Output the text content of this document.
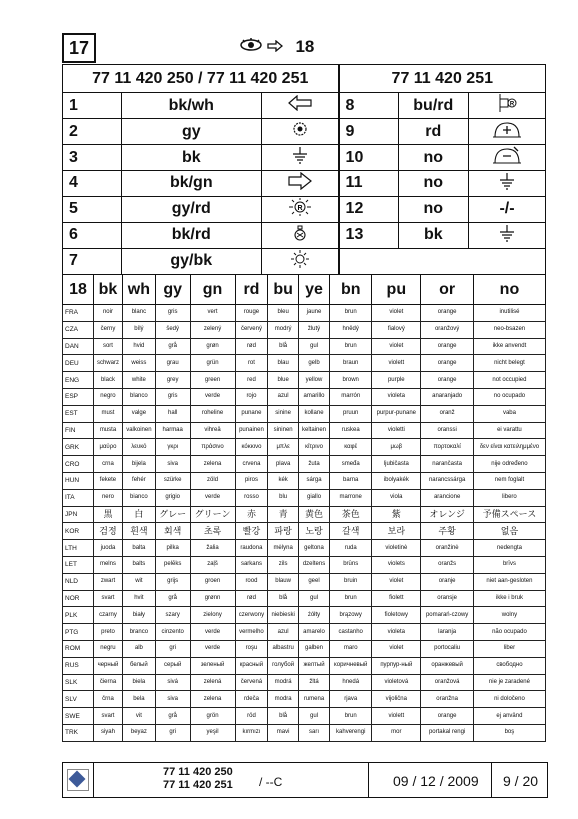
17	18
77 11 420 250 / 77 11 420 251			77 11 420 251		
1	bk/wh		8	bu/rd	R

2	gy		9	rd	
3	bk		10	no	
4	bk/gn		11	no	
5	gy/rd	R	12	no	-/-
6	bk/rd		13	bk	
7	gy/bk		
18	bk	wh	gy	gn	rd	bu	ye	bn	pu	or	no
FRA	noir	blanc	gris	vert	rouge	bleu	jaune	brun	violet	orange	inutilisé
CZA	černy	bílý	šedý	zelený	červený	modrý	žlutý	hnědý	fialový	oranžový	neo-bsazen
DAN	sort	hvid	grå	grøn	rød	blå	gul	brun	violet	orange	ikke anvendt
DEU	schwarz	weiss	grau	grün	rot	blau	gelb	braun	violett	orange	nicht belegt
ENG	black	white	grey	green	red	blue	yellow	brown	purple	orange	not occupied
ESP	negro	blanco	gris	verde	rojo	azul	amarillo	marrón	violeta	anaranjado	no ocupado
EST	must	valge	hall	roheline	punane	sinine	kollane	pruun	purpur-punane	oranž	vaba
FIN	musta	valkoinen	harmaa	vihreä	punainen	sininen	keltainen	ruskea	violetti	oranssi	ei varattu
GRK	μαύρο	λευκό	γκρι	πράσινο	κόκκινο	μπλε	κίτρινο	καφέ	μωβ	πορτοκαλί	δεν είναι κατειλημμένο
CRO	crna	bijela	siva	zelena	crvena	plava	žuta	smeđa	ljubičasta	narančasta	nije određeno
HUN	fekete	fehér	szürke	zöld	piros	kék	sárga	barna	ibolyakék	narancssárga	nem foglalt
ITA	nero	bianco	grigio	verde	rosso	blu	giallo	marrone	viola	arancione	libero
JPN	黒	白	グレー	グリーン	赤	青	黄色	茶色	紫	オレンジ	予備スペース
KOR	검정	흰색	회색	초록	빨강	파랑	노랑	갈색	보라	주황	없음
LTH	juoda	balta	pilka	žalia	raudona	mėlyna	geltona	ruda	violetinė	oranžinė	nedengta
LET	melns	balts	pelēks	zaļš	sarkans	zils	dzeltens	brūns	violets	oranžs	brīvs
NLD	zwart	wit	grijs	groen	rood	blauw	geel	bruin	violet	oranje	niet aan-gesloten
NOR	svart	hvit	grå	grønn	rød	blå	gul	brun	fiolett	oransje	ikke i bruk
PLK	czarny	biały	szary	zielony	czerwony	niebieski	żółty	brązowy	fioletowy	pomarań-czowy	wolny
PTG	preto	branco	cinzento	verde	vermelho	azul	amarelo	castanho	violeta	laranja	não ocupado
ROM	negru	alb	gri	verde	roşu	albastru	galben	maro	violet	portocaliu	liber
RUS	черный	белый	серый	зеленый	красный	голубой	желтый	коричневый	пурпур-ный	оранжевый	свободно
SLK	čierna	biela	sivá	zelená	červená	modrá	žltá	hnedá	violetová	oranžová	nie je zaradené
SLV	črna	bela	siva	zelena	rdeča	modra	rumena	rjava	vijolična	oranžna	ni določeno
SWE	svart	vit	grå	grön	röd	blå	gul	brun	violett	orange	ej använd
TRK	siyah	beyaz	gri	yeşil	kırmızı	mavi	sarı	kahverengi	mor	portakal rengi	boş
77 11 420 250
77 11 420 251 / --C	09 / 12 / 2009 9 / 20
